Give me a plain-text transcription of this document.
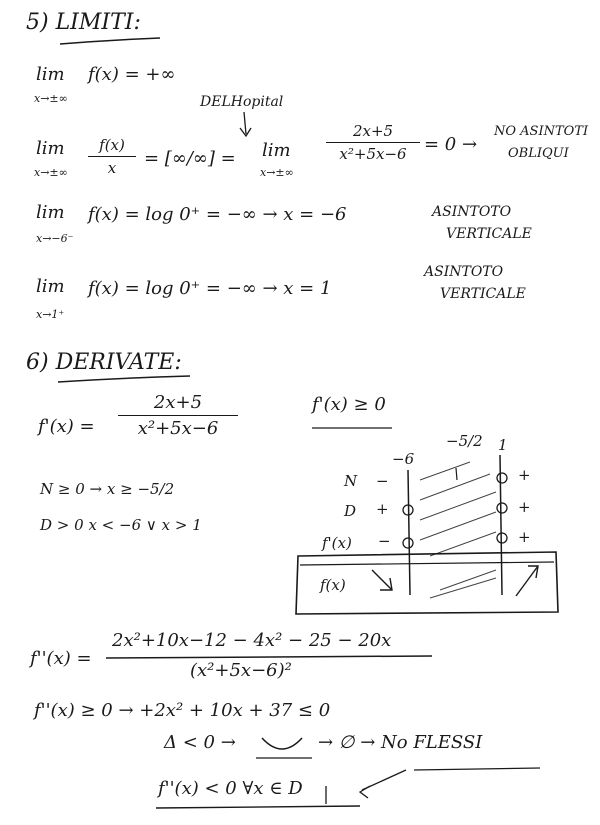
5) LIMITI:
lim
x→±∞
f(x) = +∞
DELHopital
lim
x→±∞
f(x)
x	= [∞/∞] = lim
x→±∞
2x+5
x²+5x−6 = 0 →
NO ASINTOTI
OBLIQUI
lim
x→−6⁻
f(x) = log 0⁺ = −∞ → x = −6	ASINTOTO
VERTICALE
lim
x→1⁺
f(x) = log 0⁺ = −∞ → x = 1
ASINTOTO
VERTICALE
6) DERIVATE:
f'(x) =
2x+5
x²+5x−6
f'(x) ≥ 0
N ≥ 0 → x ≥ −5/2
D > 0 x < −6 ∨ x > 1
−6
−5/2 1
N −	+
D +	+
f'(x) −	+
f(x)
f''(x) =
2x²+10x−12 − 4x² − 25 − 20x
(x²+5x−6)²
f''(x) ≥ 0 → +2x² + 10x + 37 ≤ 0
Δ < 0 →	→ ∅ → No FLESSI
f''(x) < 0 ∀x ∈ D
